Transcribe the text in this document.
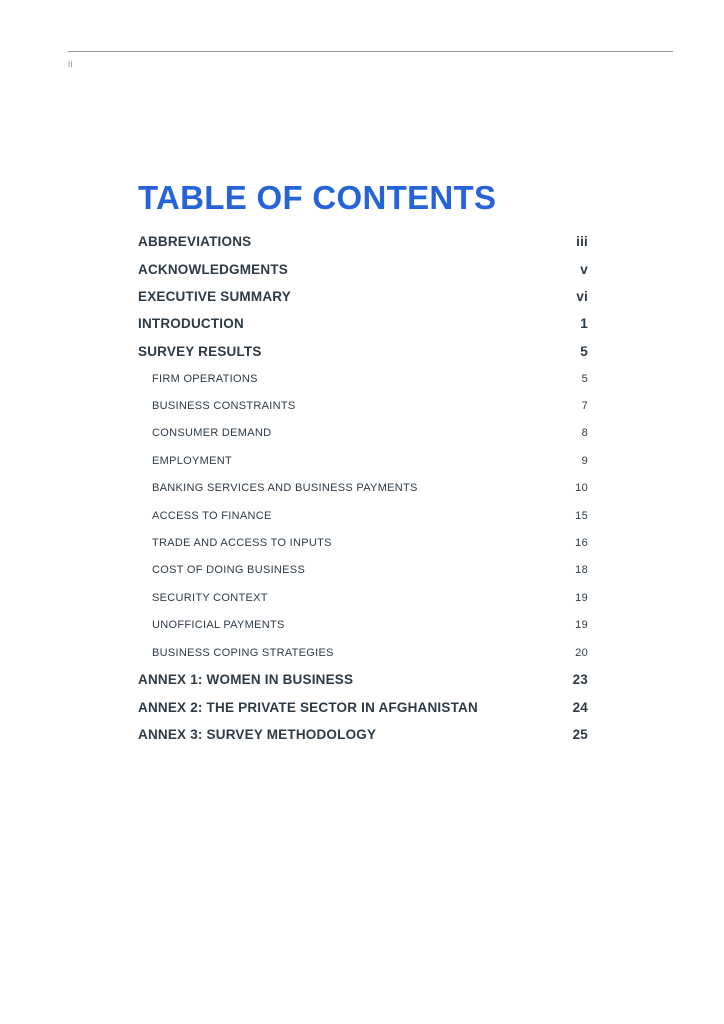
ii
TABLE OF CONTENTS
ABBREVIATIONS	iii
ACKNOWLEDGMENTS	v
EXECUTIVE SUMMARY	vi
INTRODUCTION	1
SURVEY RESULTS	5
FIRM OPERATIONS	5
BUSINESS CONSTRAINTS	7
CONSUMER DEMAND	8
EMPLOYMENT	9
BANKING SERVICES AND BUSINESS PAYMENTS	10
ACCESS TO FINANCE	15
TRADE AND ACCESS TO INPUTS	16
COST OF DOING BUSINESS	18
SECURITY CONTEXT	19
UNOFFICIAL PAYMENTS	19
BUSINESS COPING STRATEGIES	20
ANNEX 1: WOMEN IN BUSINESS	23
ANNEX 2: THE PRIVATE SECTOR IN AFGHANISTAN	24
ANNEX 3: SURVEY METHODOLOGY	25
